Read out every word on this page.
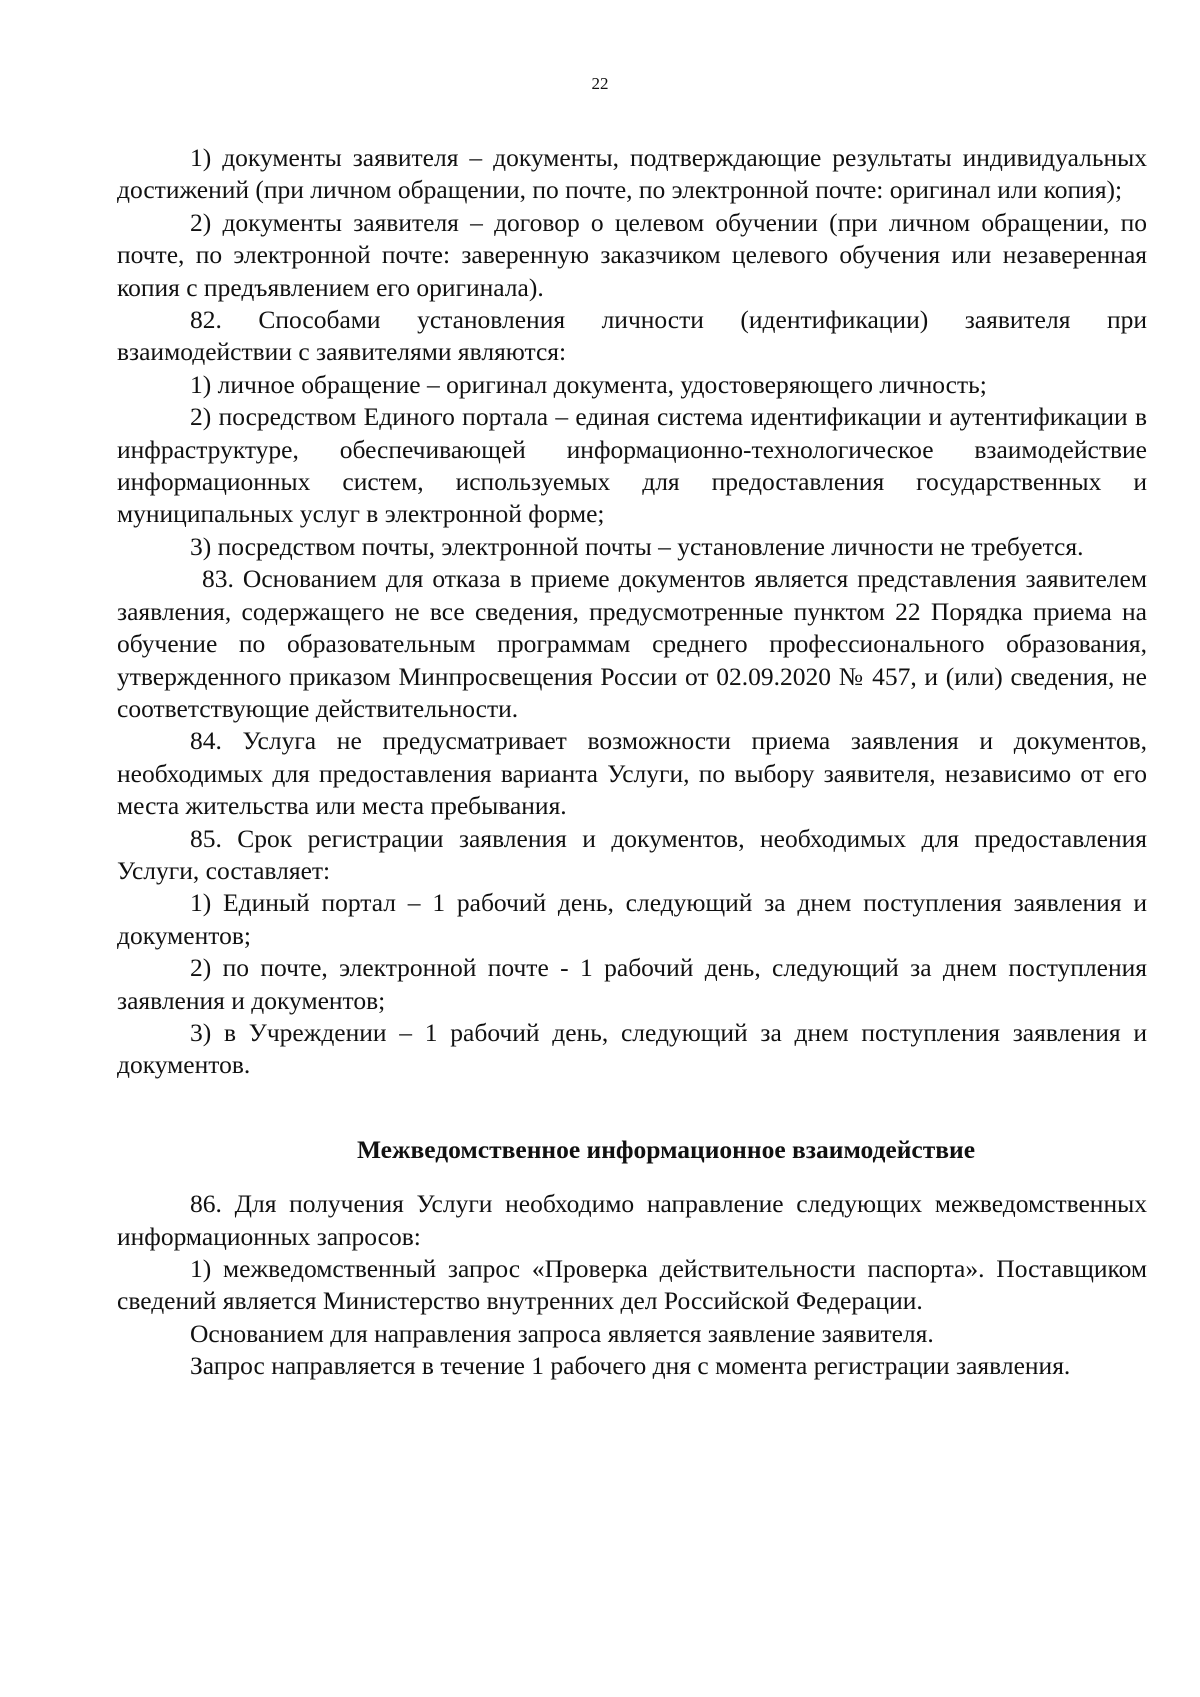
22

1) документы заявителя – документы, подтверждающие результаты индивидуальных достижений (при личном обращении, по почте, по электронной почте: оригинал или копия);

2) документы заявителя – договор о целевом обучении (при личном обращении, по почте, по электронной почте: заверенную заказчиком целевого обучения или незаверенная копия с предъявлением его оригинала).

82. Способами установления личности (идентификации) заявителя при взаимодействии с заявителями являются:

1) личное обращение – оригинал документа, удостоверяющего личность;

2) посредством Единого портала – единая система идентификации и аутентификации в инфраструктуре, обеспечивающей информационно-технологическое взаимодействие информационных систем, используемых для предоставления государственных и муниципальных услуг в электронной форме;

3) посредством почты, электронной почты – установление личности не требуется.

83. Основанием для отказа в приеме документов является представления заявителем заявления, содержащего не все сведения, предусмотренные пунктом 22 Порядка приема на обучение по образовательным программам среднего профессионального образования, утвержденного приказом Минпросвещения России от 02.09.2020 № 457, и (или) сведения, не соответствующие действительности.

84. Услуга не предусматривает возможности приема заявления и документов, необходимых для предоставления варианта Услуги, по выбору заявителя, независимо от его места жительства или места пребывания.

85. Срок регистрации заявления и документов, необходимых для предоставления Услуги, составляет:

1) Единый портал – 1 рабочий день, следующий за днем поступления заявления и документов;

2) по почте, электронной почте - 1 рабочий день, следующий за днем поступления заявления и документов;

3) в Учреждении – 1 рабочий день, следующий за днем поступления заявления и документов.

Межведомственное информационное взаимодействие

86. Для получения Услуги необходимо направление следующих межведомственных информационных запросов:

1) межведомственный запрос «Проверка действительности паспорта». Поставщиком сведений является Министерство внутренних дел Российской Федерации.

Основанием для направления запроса является заявление заявителя.

Запрос направляется в течение 1 рабочего дня с момента регистрации заявления.
